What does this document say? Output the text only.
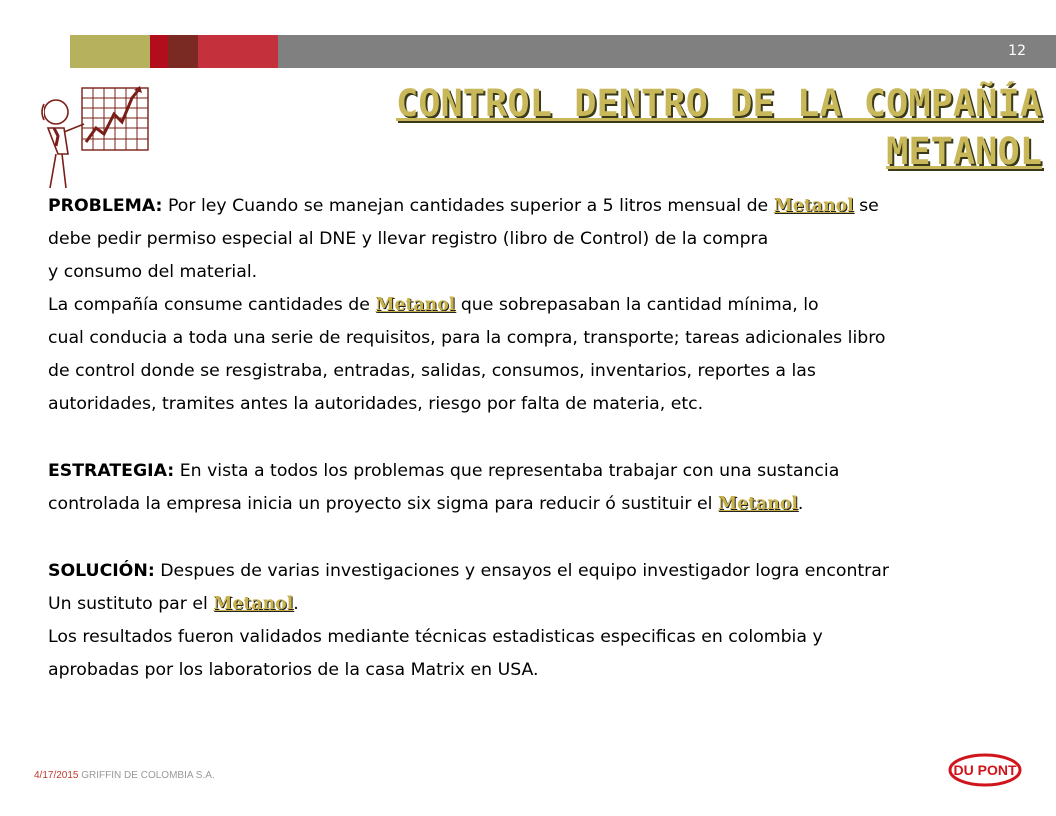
12
CONTROL DENTRO DE LA COMPAÑÍA
METANOL
PROBLEMA: Por ley Cuando se manejan cantidades superior a 5 litros mensual de Metanol se
debe pedir permiso especial al DNE y llevar registro (libro de Control) de la compra
y consumo del material.
La compañía consume cantidades de Metanol que sobrepasaban la cantidad mínima, lo
cual conducia a toda una serie de requisitos, para la compra, transporte; tareas adicionales libro
de control donde se resgistraba, entradas, salidas, consumos, inventarios, reportes a las
autoridades, tramites antes la autoridades, riesgo por falta de materia, etc.
ESTRATEGIA: En vista a todos los problemas que representaba trabajar con una sustancia
controlada la empresa inicia un proyecto six sigma para reducir ó sustituir el Metanol.
SOLUCIÓN: Despues de varias investigaciones y ensayos el equipo investigador logra encontrar
Un sustituto par el Metanol.
Los resultados fueron validados mediante técnicas estadisticas especificas en colombia y
aprobadas por los laboratorios de la casa Matrix en USA.
4/17/2015 GRIFFIN DE COLOMBIA S.A.	DU PONT
